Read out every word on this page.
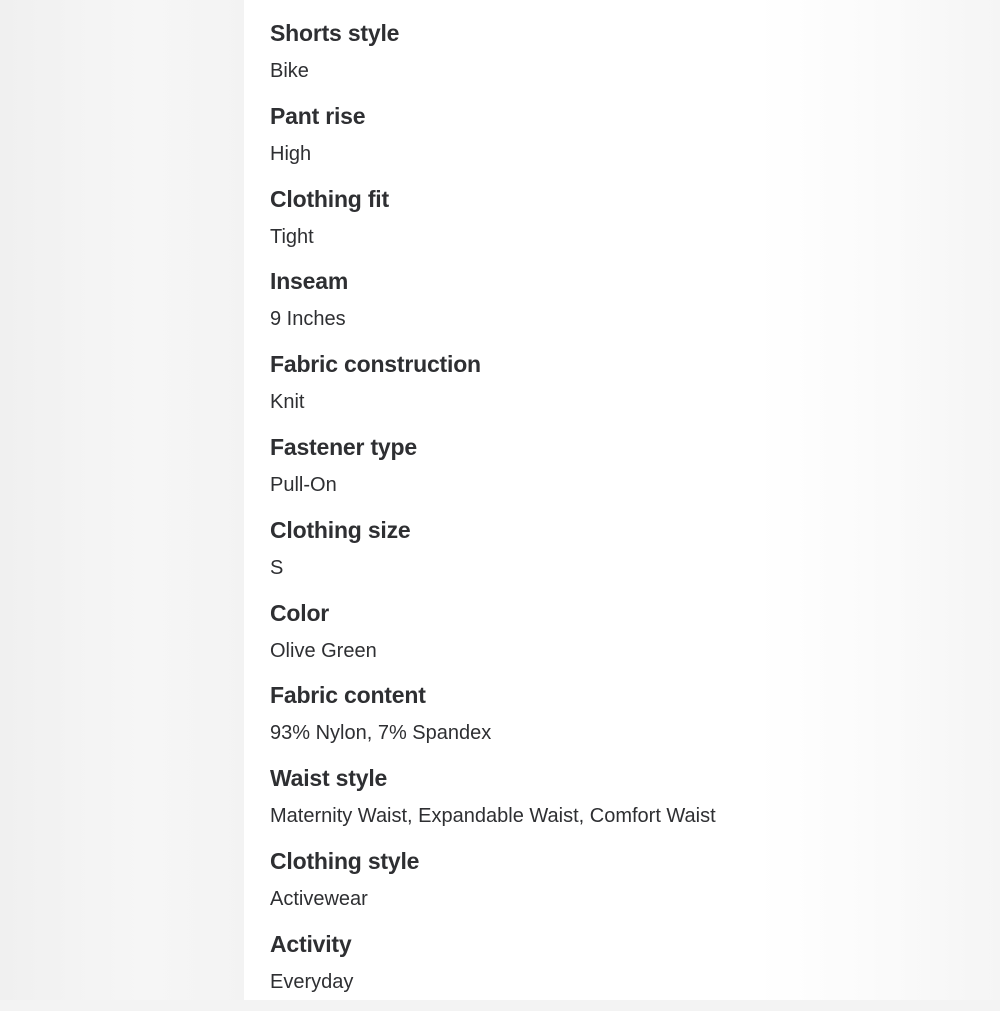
Shorts style
Bike
Pant rise
High
Clothing fit
Tight
Inseam
9 Inches
Fabric construction
Knit
Fastener type
Pull-On
Clothing size
S
Color
Olive Green
Fabric content
93% Nylon, 7% Spandex
Waist style
Maternity Waist, Expandable Waist, Comfort Waist
Clothing style
Activewear
Activity
Everyday
